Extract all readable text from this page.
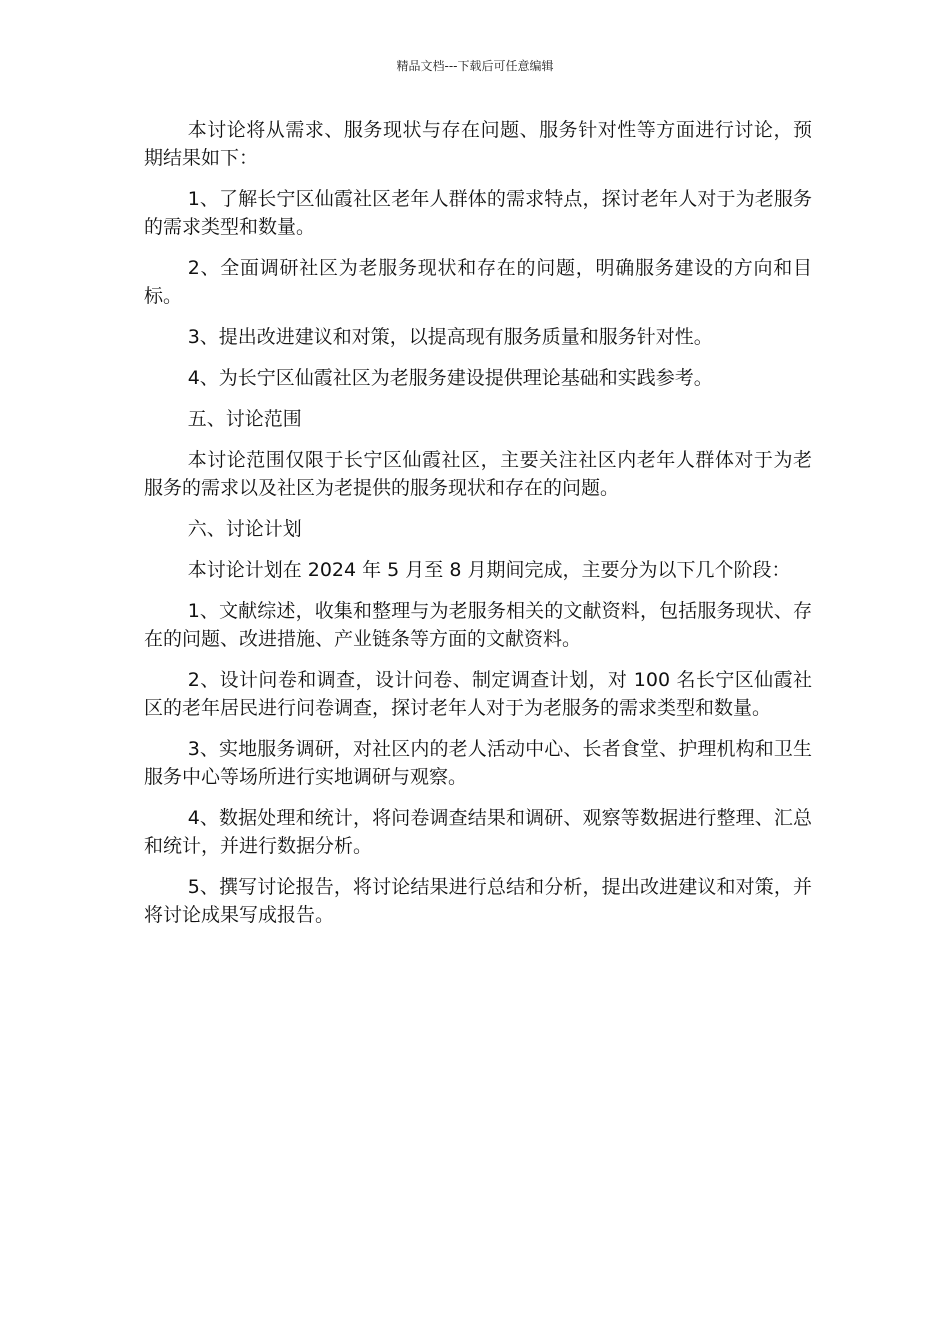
精品文档---下载后可任意编辑

本讨论将从需求、服务现状与存在问题、服务针对性等方面进行讨论，预期结果如下：

1、了解长宁区仙霞社区老年人群体的需求特点，探讨老年人对于为老服务的需求类型和数量。

2、全面调研社区为老服务现状和存在的问题，明确服务建设的方向和目标。

3、提出改进建议和对策，以提高现有服务质量和服务针对性。

4、为长宁区仙霞社区为老服务建设提供理论基础和实践参考。

五、讨论范围

本讨论范围仅限于长宁区仙霞社区，主要关注社区内老年人群体对于为老服务的需求以及社区为老提供的服务现状和存在的问题。

六、讨论计划

本讨论计划在 2024 年 5 月至 8 月期间完成，主要分为以下几个阶段：

1、文献综述，收集和整理与为老服务相关的文献资料，包括服务现状、存在的问题、改进措施、产业链条等方面的文献资料。

2、设计问卷和调查，设计问卷、制定调查计划，对 100 名长宁区仙霞社区的老年居民进行问卷调查，探讨老年人对于为老服务的需求类型和数量。

3、实地服务调研，对社区内的老人活动中心、长者食堂、护理机构和卫生服务中心等场所进行实地调研与观察。

4、数据处理和统计，将问卷调查结果和调研、观察等数据进行整理、汇总和统计，并进行数据分析。

5、撰写讨论报告，将讨论结果进行总结和分析，提出改进建议和对策，并将讨论成果写成报告。
